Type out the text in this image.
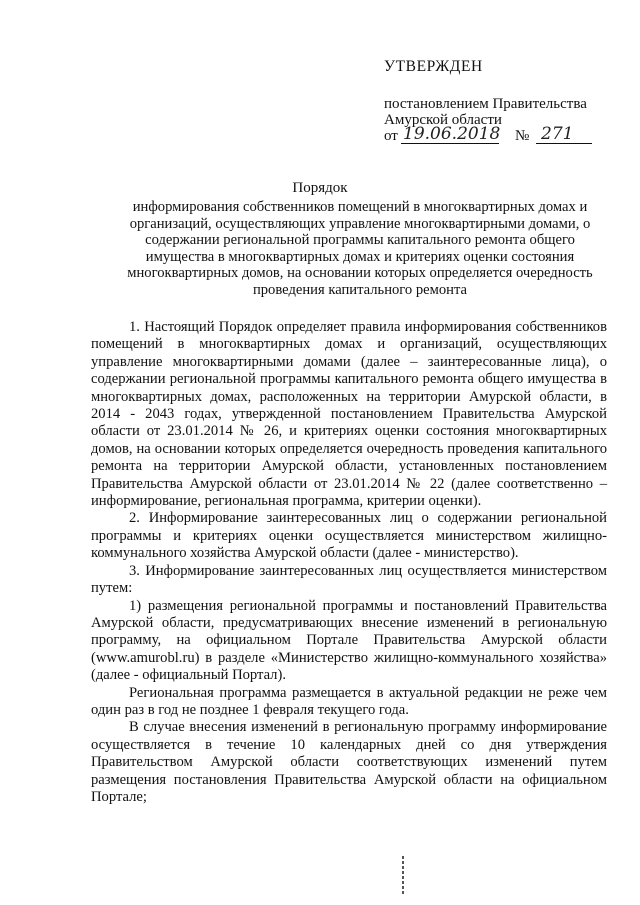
УТВЕРЖДЕН
постановлением Правительства
Амурской области
от 19.06.2018 № 271
Порядок
информирования собственников помещений в многоквартирных домах и организаций, осуществляющих управление многоквартирными домами, о содержании региональной программы капитального ремонта общего имущества в многоквартирных домах и критериях оценки состояния многоквартирных домов, на основании которых определяется очередность проведения капитального ремонта

1. Настоящий Порядок определяет правила информирования собственников помещений в многоквартирных домах и организаций, осуществляющих управление многоквартирными домами (далее – заинтересованные лица), о содержании региональной программы капитального ремонта общего имущества в многоквартирных домах, расположенных на территории Амурской области, в 2014 - 2043 годах, утвержденной постановлением Правительства Амурской области от 23.01.2014 № 26, и критериях оценки состояния многоквартирных домов, на основании которых определяется очередность проведения капитального ремонта на территории Амурской области, установленных постановлением Правительства Амурской области от 23.01.2014 № 22 (далее соответственно – информирование, региональная программа, критерии оценки).

2. Информирование заинтересованных лиц о содержании региональной программы и критериях оценки осуществляется министерством жилищно-коммунального хозяйства Амурской области (далее - министерство).

3. Информирование заинтересованных лиц осуществляется министерством путем:

1) размещения региональной программы и постановлений Правительства Амурской области, предусматривающих внесение изменений в региональную программу, на официальном Портале Правительства Амурской области (www.amurobl.ru) в разделе «Министерство жилищно-коммунального хозяйства» (далее - официальный Портал).

Региональная программа размещается в актуальной редакции не реже чем один раз в год не позднее 1 февраля текущего года.

В случае внесения изменений в региональную программу информирование осуществляется в течение 10 календарных дней со дня утверждения Правительством Амурской области соответствующих изменений путем размещения постановления Правительства Амурской области на официальном Портале;
